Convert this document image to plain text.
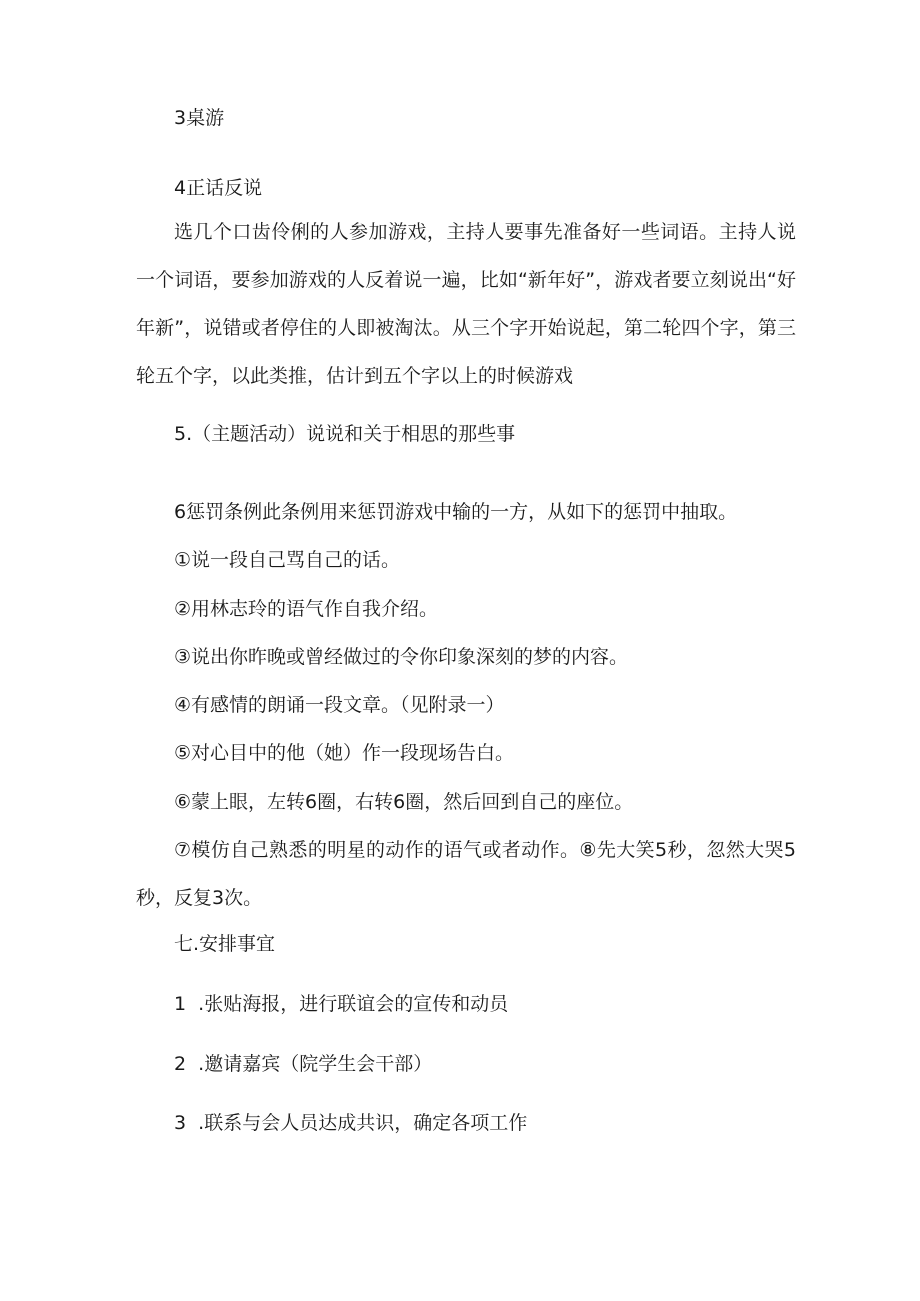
3桌游
4正话反说
选几个口齿伶俐的人参加游戏，主持人要事先准备好一些词语。主持人说一个词语，要参加游戏的人反着说一遍，比如“新年好”，游戏者要立刻说出“好年新”，说错或者停住的人即被淘汰。从三个字开始说起，第二轮四个字，第三轮五个字，以此类推，估计到五个字以上的时候游戏
5.（主题活动）说说和关于相思的那些事
6惩罚条例此条例用来惩罚游戏中输的一方，从如下的惩罚中抽取。
①说一段自己骂自己的话。
②用林志玲的语气作自我介绍。
③说出你昨晚或曾经做过的令你印象深刻的梦的内容。
④有感情的朗诵一段文章。（见附录一）
⑤对心目中的他（她）作一段现场告白。
⑥蒙上眼，左转6圈，右转6圈，然后回到自己的座位。
⑦模仿自己熟悉的明星的动作的语气或者动作。⑧先大笑5秒，忽然大哭5秒，反复3次。
七.安排事宜
1  .张贴海报，进行联谊会的宣传和动员
2  .邀请嘉宾（院学生会干部）
3  .联系与会人员达成共识，确定各项工作
